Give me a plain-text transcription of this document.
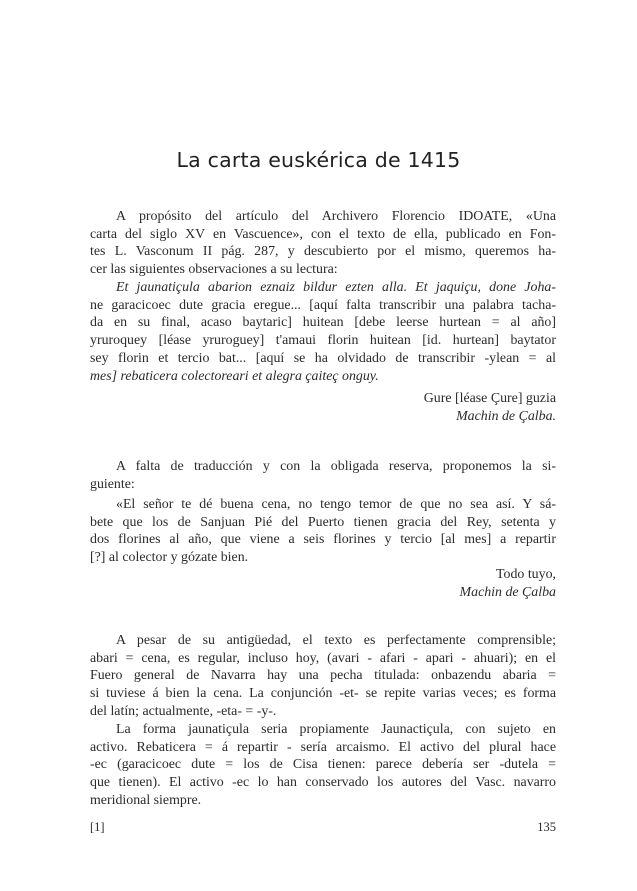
La carta euskérica de 1415
A propósito del artículo del Archivero Florencio IDOATE, «Una
carta del siglo XV en Vascuence», con el texto de ella, publicado en Fon-
tes L. Vasconum II pág. 287, y descubierto por el mismo, queremos ha-
cer las siguientes observaciones a su lectura:
Et jaunatiçula abarion eznaiz bildur ezten alla. Et jaquiçu, done Joha-
ne garacicoec dute gracia eregue... [aquí falta transcribir una palabra tacha-
da en su final, acaso baytaric] huitean [debe leerse hurtean = al año]
yruroquey [léase yruroguey] t'amaui florin huitean [id. hurtean] baytator
sey florin et tercio bat... [aquí se ha olvidado de transcribir -ylean = al
mes] rebaticera colectoreari et alegra çaiteç onguy.
Gure [léase Çure] guzia
Machin de Çalba.
A falta de traducción y con la obligada reserva, proponemos la si-
guiente:
«El señor te dé buena cena, no tengo temor de que no sea así. Y sá-
bete que los de Sanjuan Pié del Puerto tienen gracia del Rey, setenta y
dos florines al año, que viene a seis florines y tercio [al mes] a repartir
[?] al colector y gózate bien.
Todo tuyo,
Machin de Çalba
A pesar de su antigüedad, el texto es perfectamente comprensible;
abari = cena, es regular, incluso hoy, (avari - afari - apari - ahuari); en el
Fuero general de Navarra hay una pecha titulada: onbazendu abaria =
si tuviese á bien la cena. La conjunción -et- se repite varias veces; es forma
del latín; actualmente, -eta- = -y-.
La forma jaunatiçula seria propiamente Jaunactiçula, con sujeto en
activo. Rebaticera = á repartir - sería arcaismo. El activo del plural hace
-ec (garacicoec dute = los de Cisa tienen: parece debería ser -dutela =
que tienen). El activo -ec lo han conservado los autores del Vasc. navarro
meridional siempre.
[1]	135
